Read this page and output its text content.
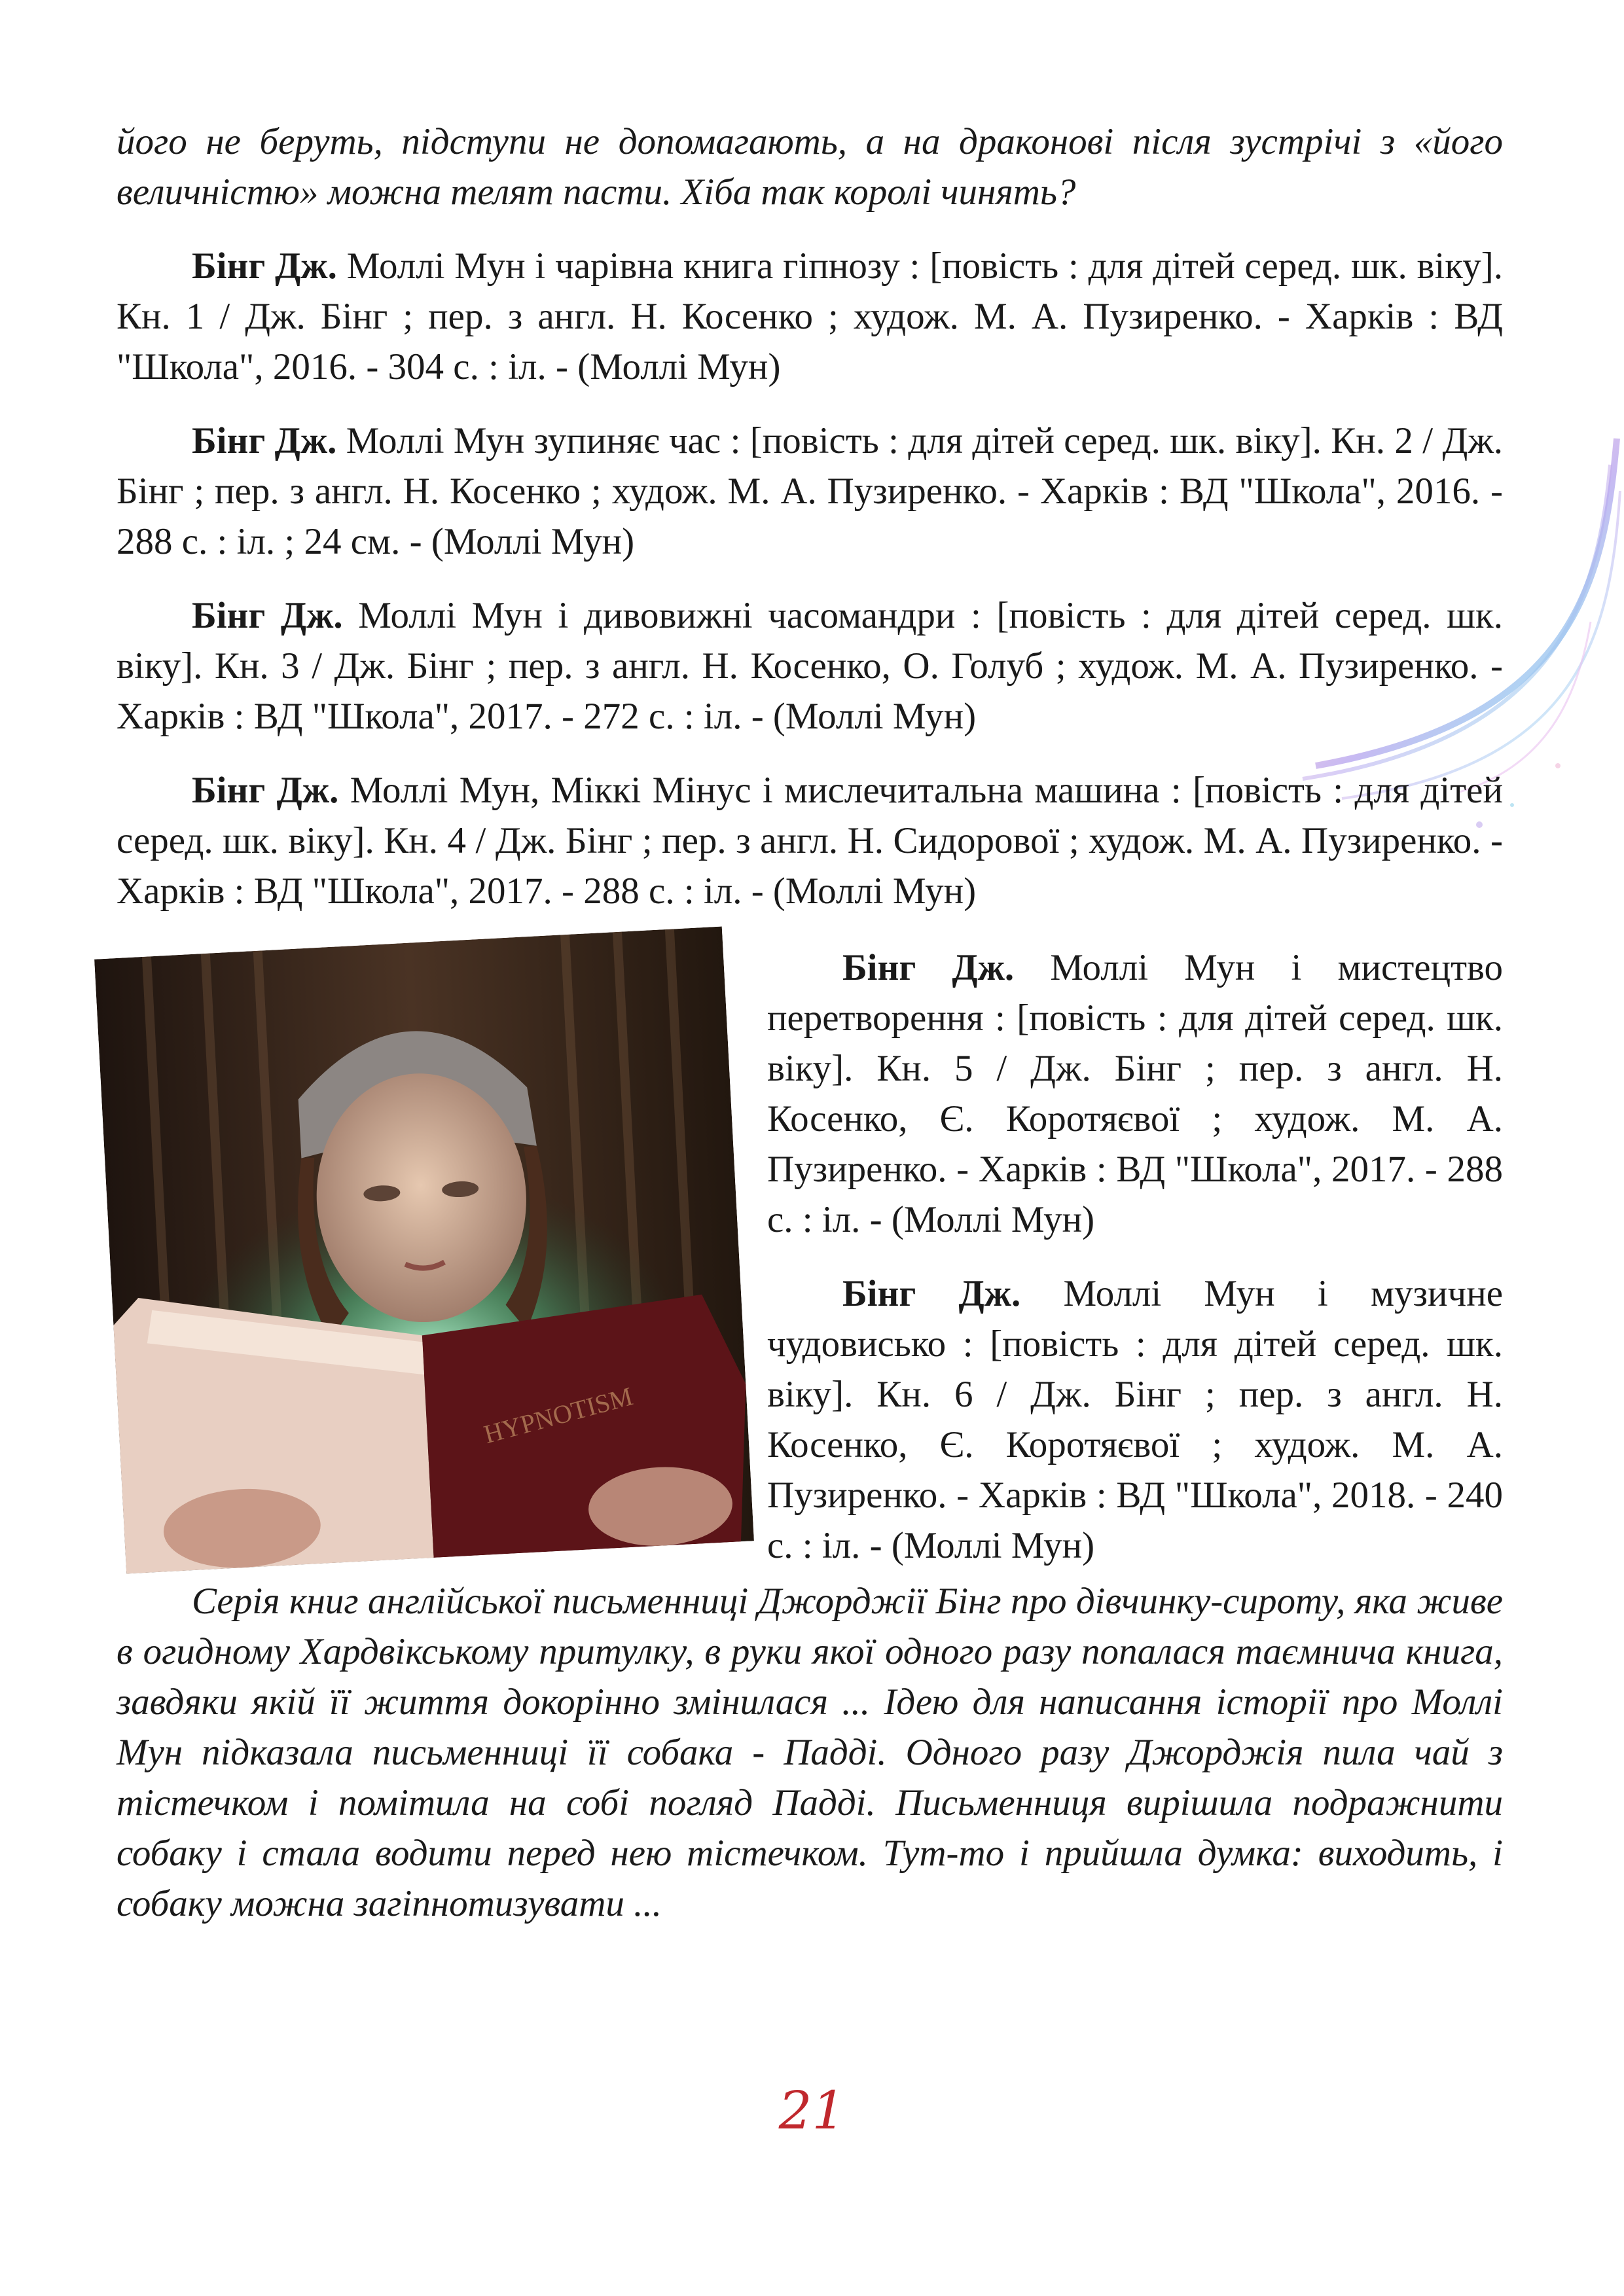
його не беруть, підступи не допомагають, а на драконові після зустрічі з «його величністю» можна телят пасти. Хіба так королі чинять?

Бінг Дж. Моллі Мун і чарівна книга гіпнозу : [повість : для дітей серед. шк. віку]. Кн. 1 / Дж. Бінг ; пер. з англ. Н. Косенко ; худож. М. А. Пузиренко. - Харків : ВД "Школа", 2016. - 304 с. : іл. - (Моллі Мун)

Бінг Дж. Моллі Мун зупиняє час : [повість : для дітей серед. шк. віку]. Кн. 2 / Дж. Бінг ; пер. з англ. Н. Косенко ; худож. М. А. Пузиренко. - Харків : ВД "Школа", 2016. - 288 с. : іл. ; 24 см. - (Моллі Мун)

Бінг Дж. Моллі Мун і дивовижні часомандри : [повість : для дітей серед. шк. віку]. Кн. 3 / Дж. Бінг ; пер. з англ. Н. Косенко, О. Голуб ; худож. М. А. Пузиренко. - Харків : ВД "Школа", 2017. - 272 с. : іл. - (Моллі Мун)

Бінг Дж. Моллі Мун, Міккі Мінус і мислечитальна машина : [повість : для дітей серед. шк. віку]. Кн. 4 / Дж. Бінг ; пер. з англ. Н. Сидорової ; худож. М. А. Пузиренко. - Харків : ВД "Школа", 2017. - 288 с. : іл. - (Моллі Мун)

HYPNOTISM

Бінг Дж. Моллі Мун і мистецтво перетворення : [повість : для дітей серед. шк. віку]. Кн. 5 / Дж. Бінг ; пер. з англ. Н. Косенко, Є. Коротяєвої ; худож. М. А. Пузиренко. - Харків : ВД "Школа", 2017. - 288 с. : іл. - (Моллі Мун)

Бінг Дж. Моллі Мун і музичне чудовисько : [повість : для дітей серед. шк. віку]. Кн. 6 / Дж. Бінг ; пер. з англ. Н. Косенко, Є. Коротяєвої ; худож. М. А. Пузиренко. - Харків : ВД "Школа", 2018. - 240 с. : іл. - (Моллі Мун)

Серія книг англійської письменниці Джорджії Бінг про дівчинку-сироту, яка живе в огидному Хардвікському притулку, в руки якої одного разу попалася таємнича книга, завдяки якій її життя докорінно змінилася ... Ідею для написання історії про Моллі Мун підказала письменниці її собака - Падді. Одного разу Джорджія пила чай з тістечком і помітила на собі погляд Падді. Письменниця вирішила подражнити собаку і стала водити перед нею тістечком. Тут-то і прийшла думка: виходить, і собаку можна загіпнотизувати ...

21
